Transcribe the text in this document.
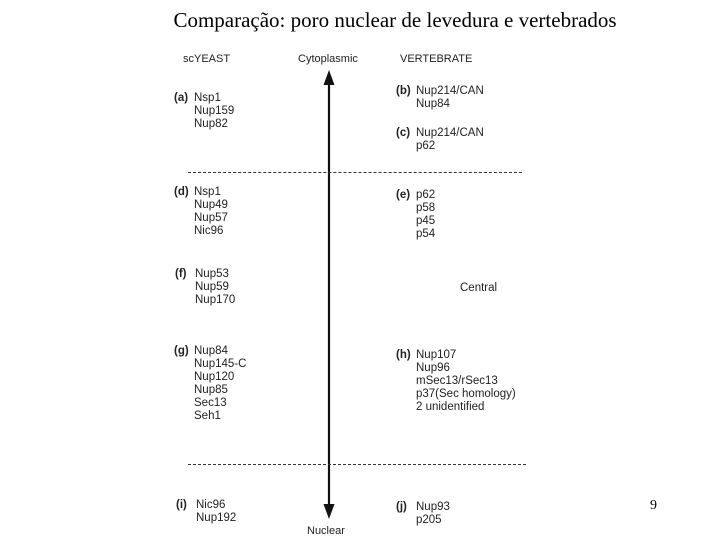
Comparação: poro nuclear de levedura e vertebrados
scYEAST	Cytoplasmic	VERTEBRATE
Nuclear
Central
(a) Nsp1
Nup159
Nup82
(b) Nup214/CAN
Nup84
(c) Nup214/CAN
p62
(d) Nsp1
Nup49
Nup57
Nic96
(e) p62
p58
p45
p54
(f) Nup53
Nup59
Nup170
(g) Nup84
Nup145-C
Nup120
Nup85
Sec13
Seh1
(h) Nup107
Nup96
mSec13/rSec13
p37(Sec homology)
2 unidentified
(i) Nic96
Nup192
(j) Nup93
p205
9
